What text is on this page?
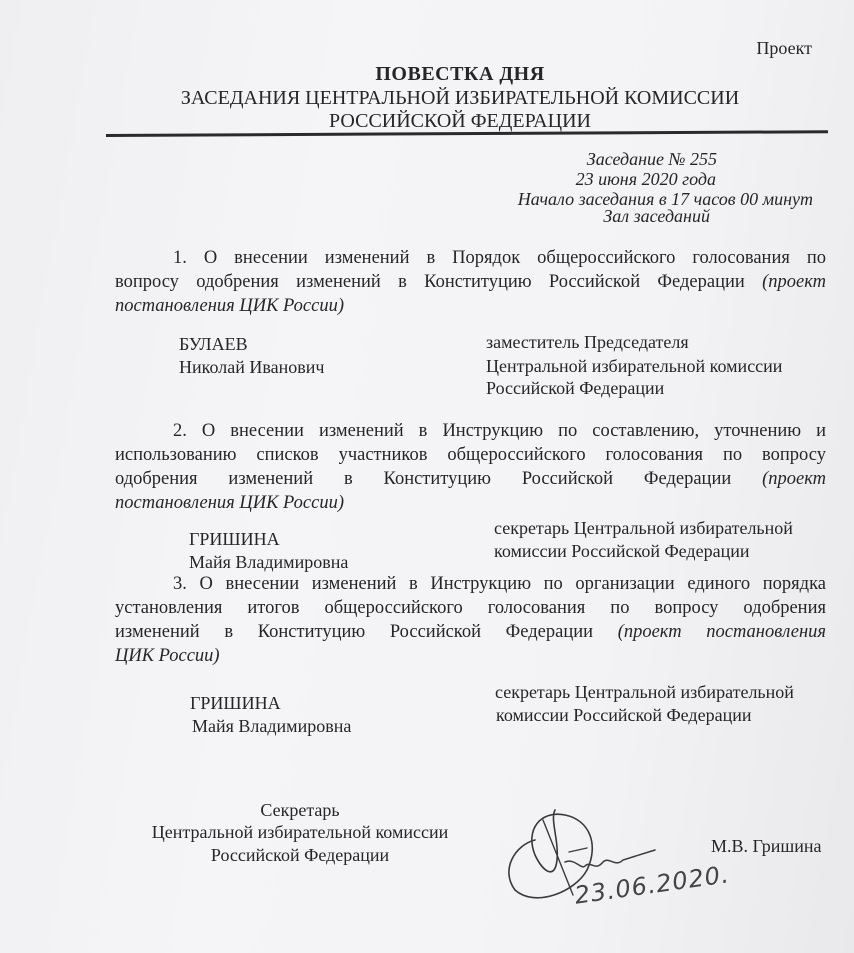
Проект
ПОВЕСТКА ДНЯ
ЗАСЕДАНИЯ ЦЕНТРАЛЬНОЙ ИЗБИРАТЕЛЬНОЙ КОМИССИИ
РОССИЙСКОЙ ФЕДЕРАЦИИ
Заседание № 255
23 июня 2020 года
Начало заседания в 17 часов 00 минут
Зал заседаний
1. О внесении изменений в Порядок общероссийского голосования по
вопросу одобрения изменений в Конституцию Российской Федерации (проект
постановления ЦИК России)
БУЛАЕВ
Николай Иванович
заместитель Председателя
Центральной избирательной комиссии
Российской Федерации
2. О внесении изменений в Инструкцию по составлению, уточнению и
использованию списков участников общероссийского голосования по вопросу
одобрения изменений в Конституцию Российской Федерации (проект
постановления ЦИК России)
ГРИШИНА
Майя Владимировна
секретарь Центральной избирательной
комиссии Российской Федерации
3. О внесении изменений в Инструкцию по организации единого порядка
установления итогов общероссийского голосования по вопросу одобрения
изменений в Конституцию Российской Федерации (проект постановления
ЦИК России)
ГРИШИНА
Майя Владимировна
секретарь Центральной избирательной
комиссии Российской Федерации
Секретарь
Центральной избирательной комиссии
Российской Федерации
23.06.2020.
М.В. Гришина
